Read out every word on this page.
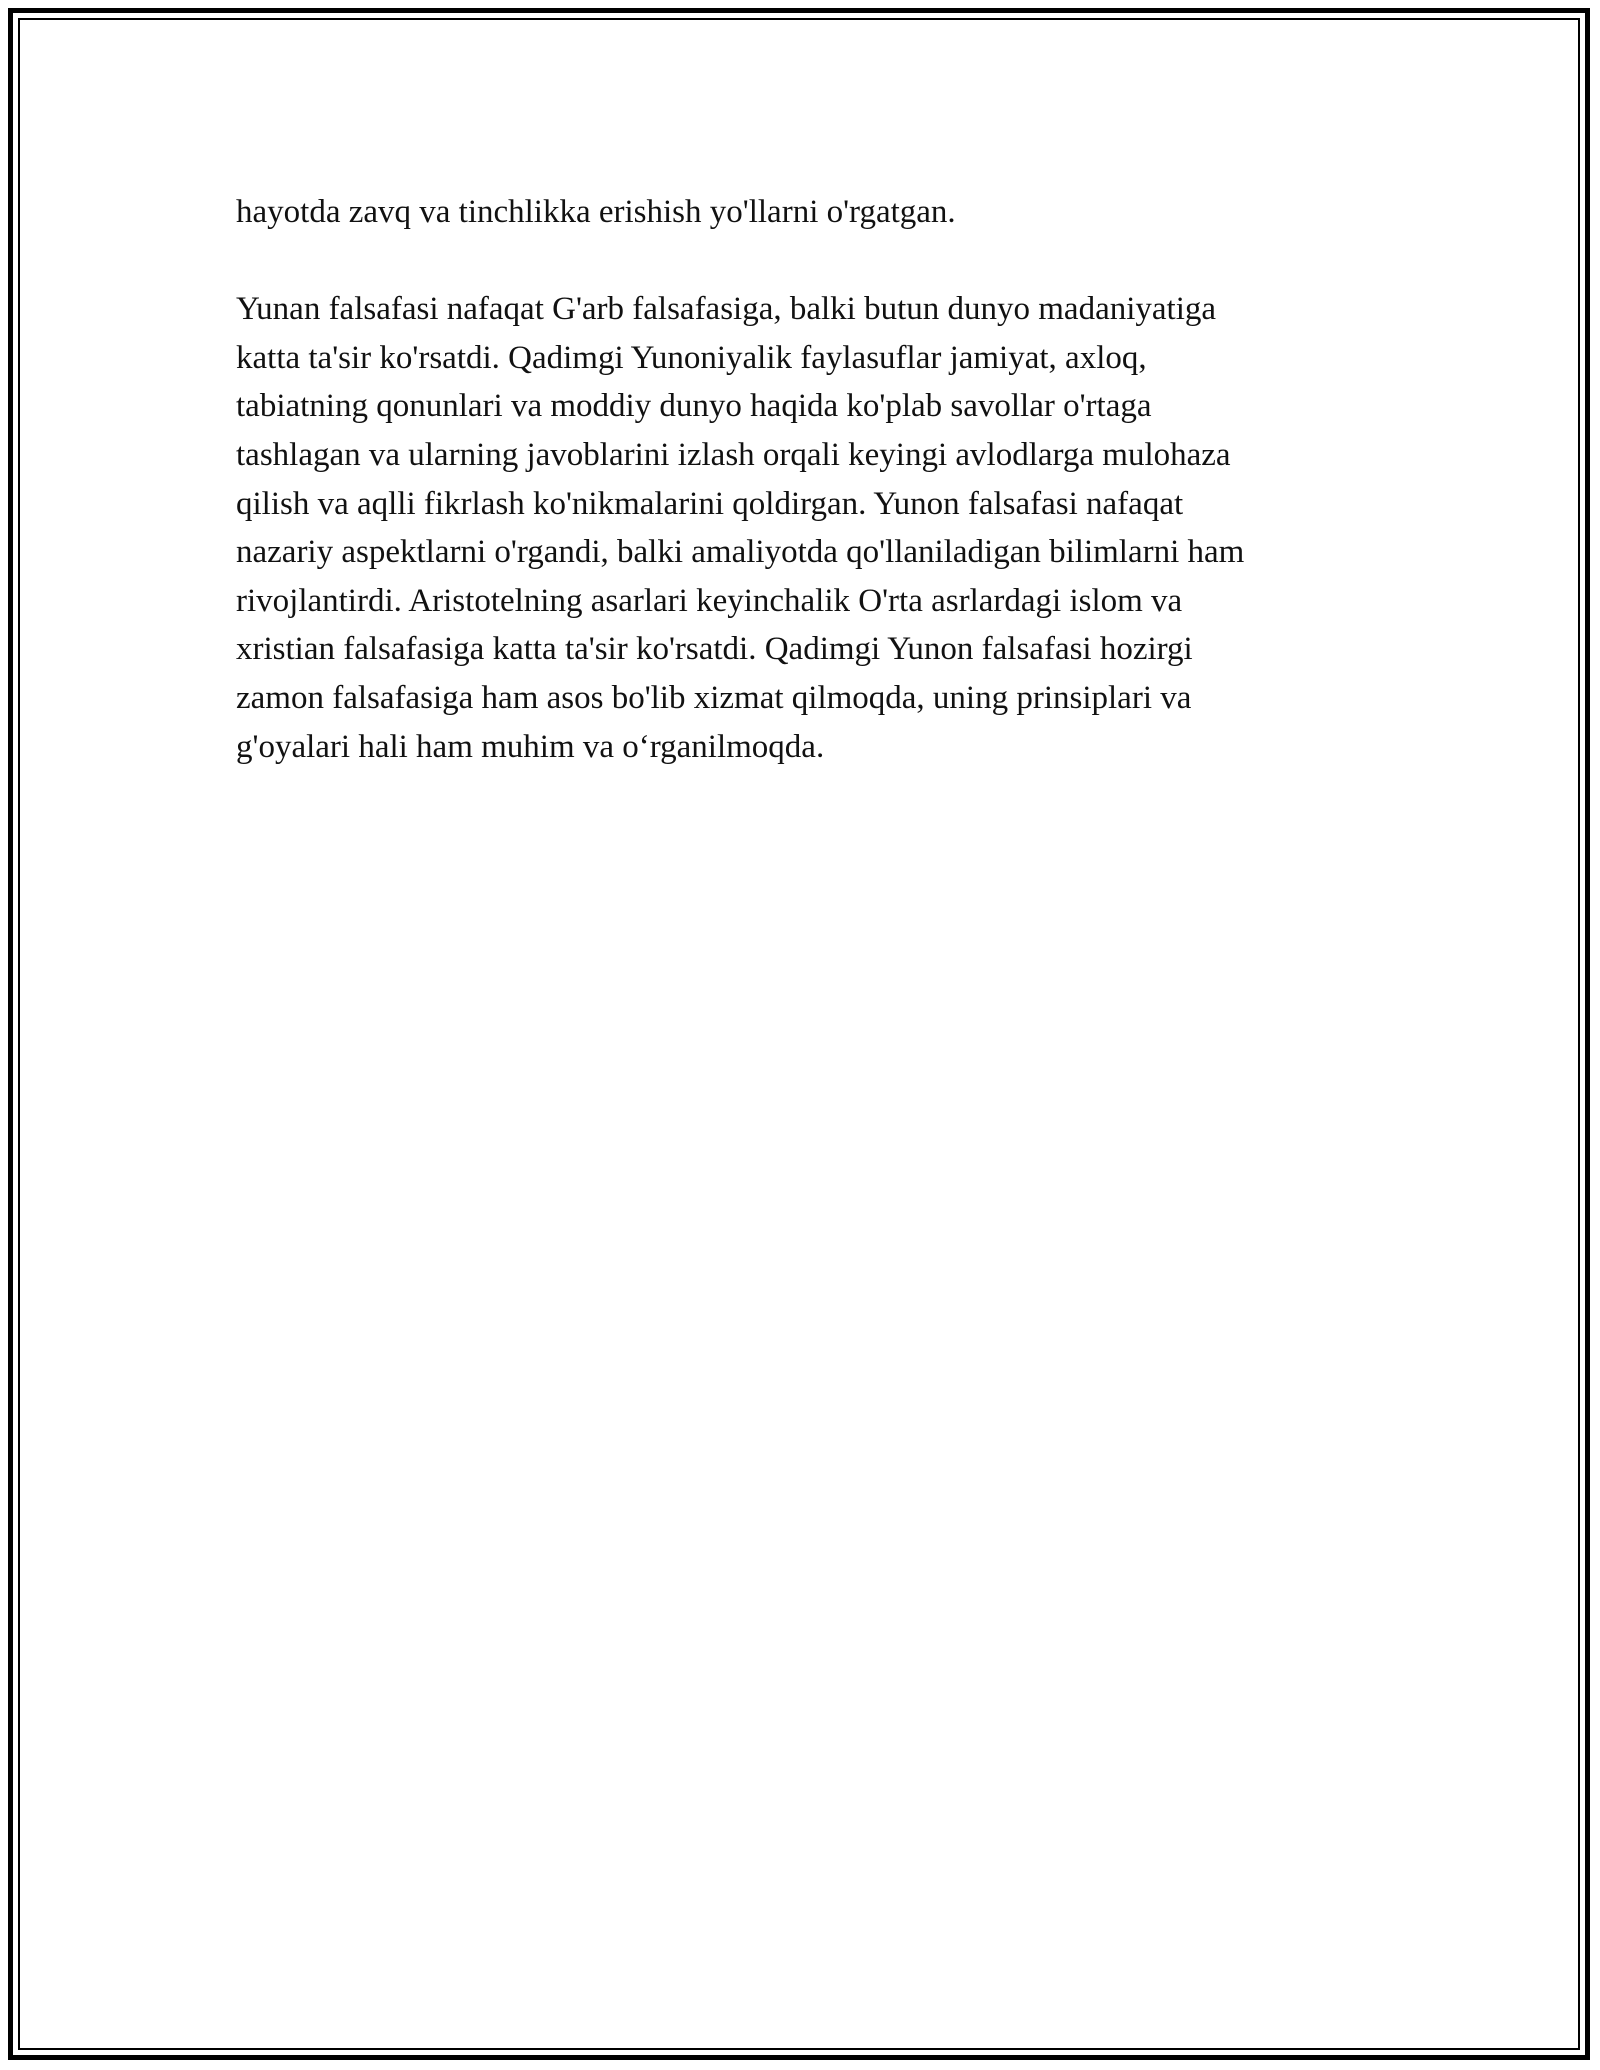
hayotda zavq va tinchlikka erishish yo'llarni o'rgatgan.

Yunan falsafasi nafaqat G'arb falsafasiga, balki butun dunyo madaniyatiga
katta ta'sir ko'rsatdi. Qadimgi Yunoniyalik faylasuflar jamiyat, axloq,
tabiatning qonunlari va moddiy dunyo haqida ko'plab savollar o'rtaga
tashlagan va ularning javoblarini izlash orqali keyingi avlodlarga mulohaza
qilish va aqlli fikrlash ko'nikmalarini qoldirgan. Yunon falsafasi nafaqat
nazariy aspektlarni o'rgandi, balki amaliyotda qo'llaniladigan bilimlarni ham
rivojlantirdi. Aristotelning asarlari keyinchalik O'rta asrlardagi islom va
xristian falsafasiga katta ta'sir ko'rsatdi. Qadimgi Yunon falsafasi hozirgi
zamon falsafasiga ham asos bo'lib xizmat qilmoqda, uning prinsiplari va
g'oyalari hali ham muhim va o‘rganilmoqda.
